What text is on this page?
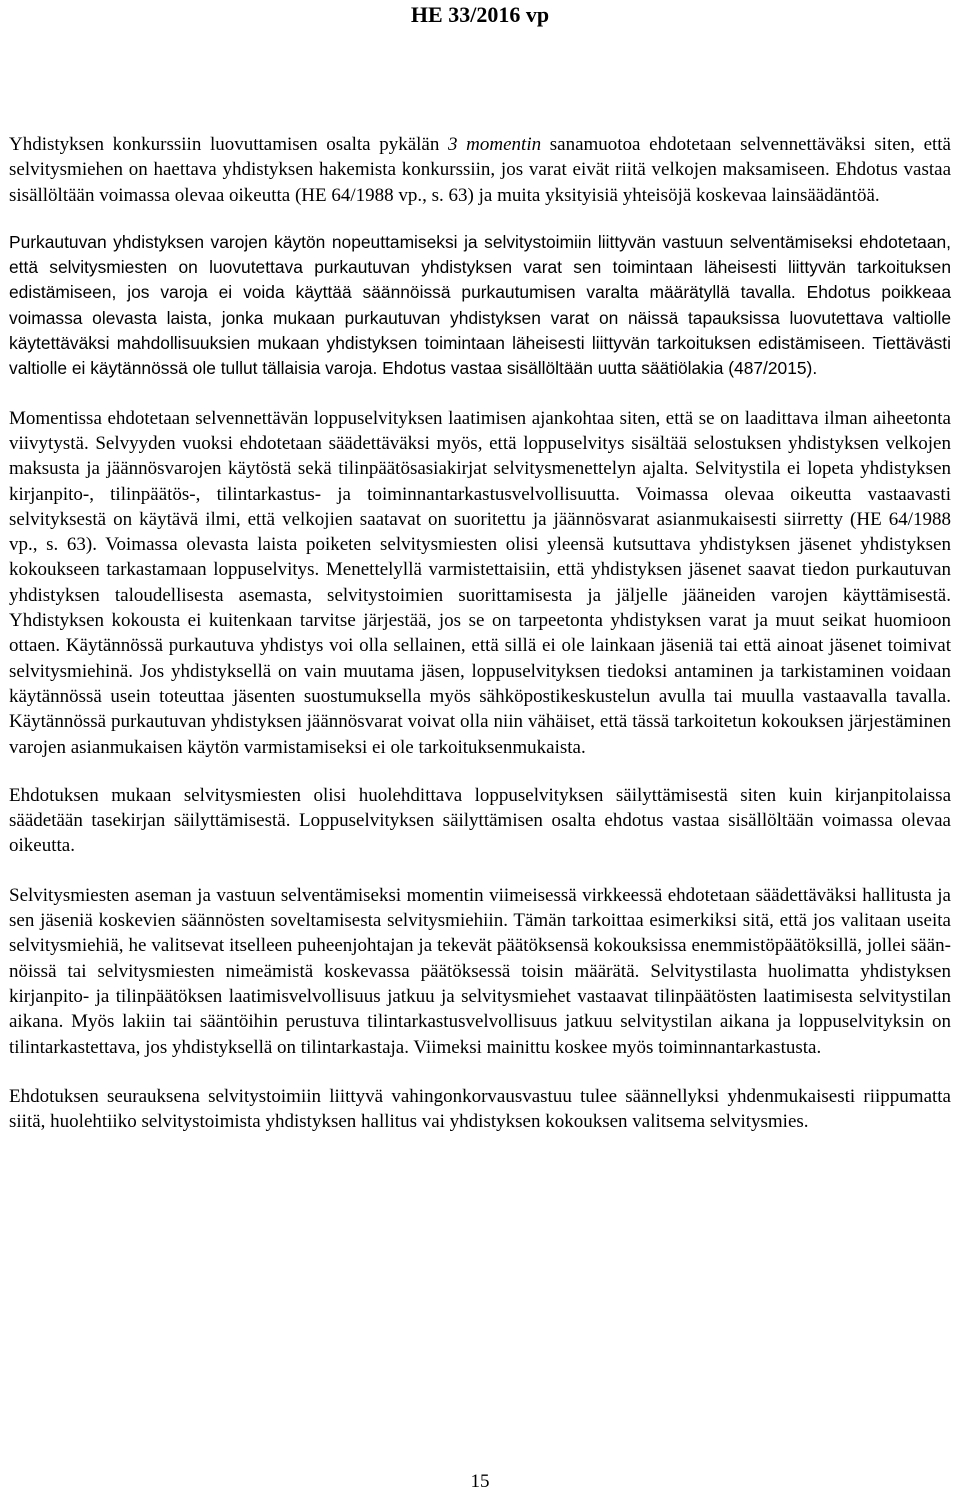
HE 33/2016 vp

Yhdistyksen konkurssiin luovuttamisen osalta pykälän 3 momentin sanamuotoa ehdotetaan selvennettäväksi siten, että selvitysmiehen on haettava yhdistyksen hakemista konkurssiin, jos varat eivät riitä velkojen maksamiseen. Ehdotus vastaa sisällöltään voimassa olevaa oikeutta (HE 64/1988 vp., s. 63) ja muita yksityisiä yhteisöjä koskevaa lainsäädäntöä.

Purkautuvan yhdistyksen varojen käytön nopeuttamiseksi ja selvitystoimiin liittyvän vastuun selventämiseksi ehdotetaan, että selvitysmiesten on luovutettava purkautuvan yhdistyksen varat sen toimintaan läheisesti liittyvän tarkoituksen edistämiseen, jos varoja ei voida käyttää säännöissä purkautumisen varalta määrätyllä tavalla. Ehdotus poikkeaa voimassa olevasta laista, jonka mukaan purkautuvan yhdistyksen varat on näissä tapauksissa luovutettava valtiolle käytettäväksi mahdollisuuksien mukaan yhdistyksen toimintaan läheisesti liittyvän tarkoituksen edistämiseen. Tiettävästi valtiolle ei käytännössä ole tullut tällaisia varoja. Ehdotus vastaa sisällöltään uutta säätiölakia (487/2015).

Momentissa ehdotetaan selvennettävän loppuselvityksen laatimisen ajankohtaa siten, että se on laadittava ilman aiheetonta viivytystä. Selvyyden vuoksi ehdotetaan säädettäväksi myös, että loppuselvitys sisältää selostuksen yhdistyksen velkojen maksusta ja jäännösvarojen käytöstä sekä tilinpäätösasiakirjat selvitysmenettelyn ajalta. Selvitystila ei lopeta yhdistyksen kirjanpito-, tilinpäätös-, tilintarkastus- ja toiminnantarkastusvelvollisuutta. Voimassa olevaa oikeutta vastaavasti selvityksestä on käytävä ilmi, että velkojien saatavat on suoritettu ja jäännösvarat asianmukaisesti siirretty (HE 64/1988 vp., s. 63). Voimassa olevasta laista poiketen selvitysmiesten olisi yleensä kutsuttava yhdistyksen jäsenet yhdistyksen kokoukseen tarkastamaan loppuselvitys. Menettelyllä varmistettaisiin, että yhdistyksen jäsenet saavat tiedon purkautuvan yhdistyksen taloudellisesta asemasta, selvitystoimien suorittamisesta ja jäljelle jääneiden varojen käyttämisestä. Yhdistyksen kokousta ei kuitenkaan tarvitse järjestää, jos se on tarpeetonta yhdistyksen varat ja muut seikat huomioon ottaen. Käytännössä purkautuva yhdistys voi olla sellainen, että sillä ei ole lainkaan jäseniä tai että ainoat jäsenet toimivat selvitysmiehinä. Jos yhdistyksellä on vain muutama jäsen, loppuselvityksen tiedoksi antaminen ja tarkistaminen voidaan käytännössä usein toteuttaa jäsenten suostumuksella myös sähköpostikeskustelun avulla tai muulla vastaavalla tavalla. Käytännössä purkautuvan yhdistyksen jäännösvarat voivat olla niin vähäiset, että tässä tarkoitetun kokouksen järjestäminen varojen asianmukaisen käytön varmistamiseksi ei ole tarkoituksenmukaista.

Ehdotuksen mukaan selvitysmiesten olisi huolehdittava loppuselvityksen säilyttämisestä siten kuin kirjanpitolaissa säädetään tasekirjan säilyttämisestä. Loppuselvityksen säilyttämisen osalta ehdotus vastaa sisällöltään voimassa olevaa oikeutta.

Selvitysmiesten aseman ja vastuun selventämiseksi momentin viimeisessä virkkeessä ehdotetaan säädettäväksi hallitusta ja sen jäseniä koskevien säännösten soveltamisesta selvitysmiehiin. Tämän tarkoittaa esimerkiksi sitä, että jos valitaan useita selvitysmiehiä, he valitsevat itselleen puheenjohtajan ja tekevät päätöksensä kokouksissa enemmistöpäätöksillä, jollei säännöissä tai selvitysmiesten nimeämistä koskevassa päätöksessä toisin määrätä. Selvitystilasta huolimatta yhdistyksen kirjanpito- ja tilinpäätöksen laatimisvelvollisuus jatkuu ja selvitysmiehet vastaavat tilinpäätösten laatimisesta selvitystilan aikana. Myös lakiin tai sääntöihin perustuva tilintarkastusvelvollisuus jatkuu selvitystilan aikana ja loppuselvityksin on tilintarkastettava, jos yhdistyksellä on tilintarkastaja. Viimeksi mainittu koskee myös toiminnantarkastusta.

Ehdotuksen seurauksena selvitystoimiin liittyvä vahingonkorvausvastuu tulee säännellyksi yhdenmukaisesti riippumatta siitä, huolehtiiko selvitystoimista yhdistyksen hallitus vai yhdistyksen kokouksen valitsema selvitysmies.

15
